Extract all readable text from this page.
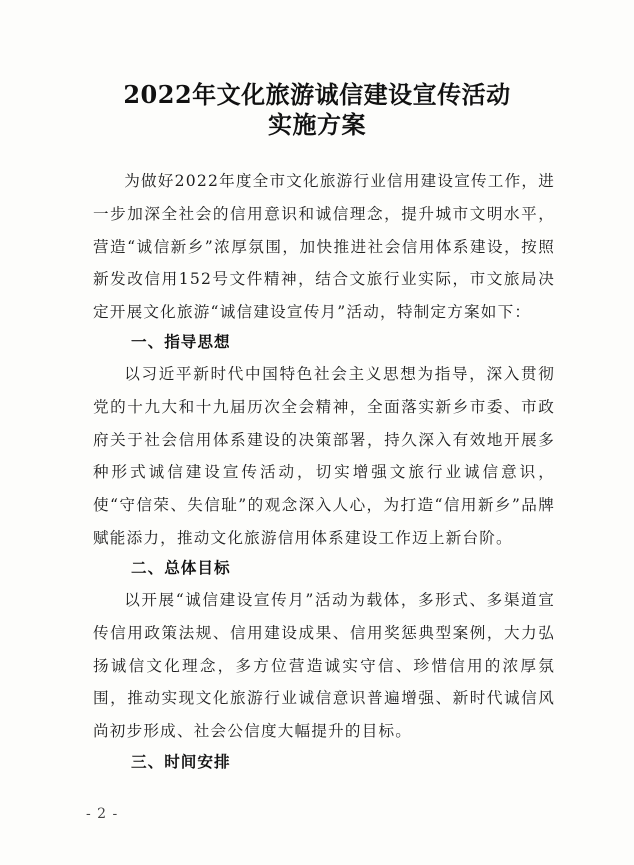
2022年文化旅游诚信建设宣传活动
实施方案

为做好2022年度全市文化旅游行业信用建设宣传工作，进一步加深全社会的信用意识和诚信理念，提升城市文明水平，营造“诚信新乡”浓厚氛围，加快推进社会信用体系建设，按照新发改信用152号文件精神，结合文旅行业实际，市文旅局决定开展文化旅游“诚信建设宣传月”活动，特制定方案如下：

一、指导思想

以习近平新时代中国特色社会主义思想为指导，深入贯彻党的十九大和十九届历次全会精神，全面落实新乡市委、市政府关于社会信用体系建设的决策部署，持久深入有效地开展多种形式诚信建设宣传活动，切实增强文旅行业诚信意识，使“守信荣、失信耻”的观念深入人心，为打造“信用新乡”品牌赋能添力，推动文化旅游信用体系建设工作迈上新台阶。

二、总体目标

以开展“诚信建设宣传月”活动为载体，多形式、多渠道宣传信用政策法规、信用建设成果、信用奖惩典型案例，大力弘扬诚信文化理念，多方位营造诚实守信、珍惜信用的浓厚氛围，推动实现文化旅游行业诚信意识普遍增强、新时代诚信风尚初步形成、社会公信度大幅提升的目标。

三、时间安排

- 2 -
